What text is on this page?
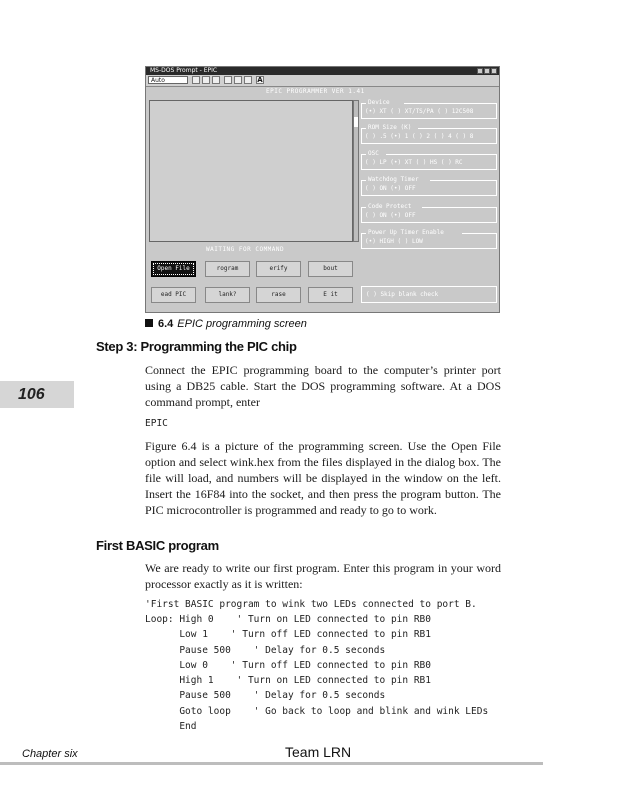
MS-DOS Prompt - EPIC
Auto	A
EPIC PROGRAMMER VER 1.41
WAITING FOR COMMAND
Device
(•) XT ( ) XT/TS/PA ( ) 12C508
ROM Size (K)
( ) .5 (•) 1 ( ) 2 ( ) 4 ( ) 8
OSC
( ) LP (•) XT ( ) HS ( ) RC
Watchdog Timer
( ) ON (•) OFF
Code Protect
( ) ON (•) OFF
Power Up Timer Enable
(•) HIGH ( ) LOW
Open File	rogram	erify	bout
ead PIC	lank?	rase	E it	( ) Skip blank check
6.4 EPIC programming screen
106
Step 3: Programming the PIC chip
Connect the EPIC programming board to the computer’s printer port using a DB25 cable. Start the DOS programming software. At a DOS command prompt, enter
EPIC
Figure 6.4 is a picture of the programming screen. Use the Open File option and select wink.hex from the files displayed in the dialog box. The file will load, and numbers will be displayed in the window on the left. Insert the 16F84 into the socket, and then press the program button. The PIC microcontroller is programmed and ready to go to work.
First BASIC program
We are ready to write our first program. Enter this program in your word processor exactly as it is written:
'First BASIC program to wink two LEDs connected to port B.
Loop: High 0    ' Turn on LED connected to pin RB0
Low 1    ' Turn off LED connected to pin RB1
Pause 500    ' Delay for 0.5 seconds
Low 0    ' Turn off LED connected to pin RB0
High 1    ' Turn on LED connected to pin RB1
Pause 500    ' Delay for 0.5 seconds
Goto loop    ' Go back to loop and blink and wink LEDs
End
Chapter six	Team LRN
